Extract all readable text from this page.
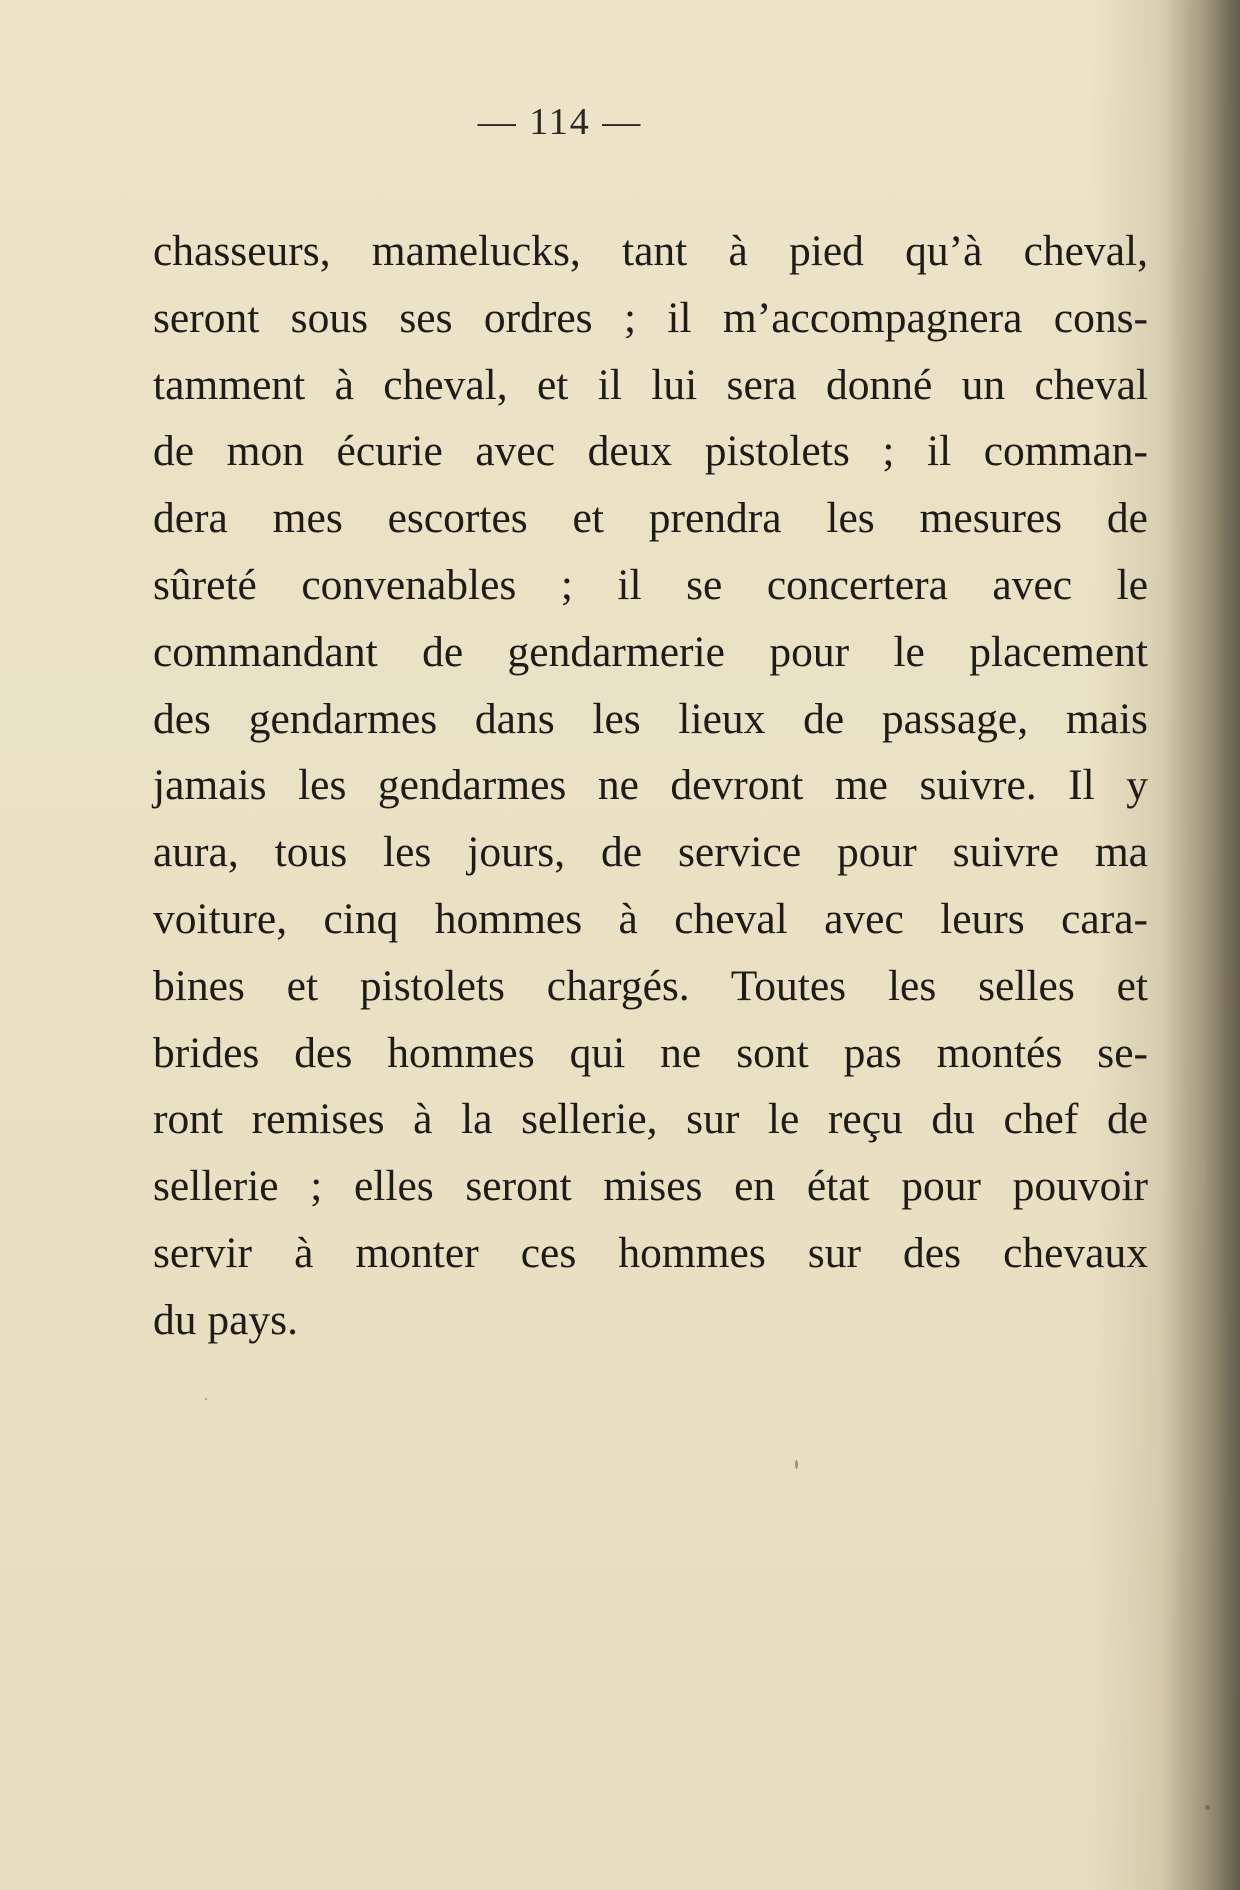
— 114 —
chasseurs, mamelucks, tant à pied qu’à cheval,
seront sous ses ordres ; il m’accompagnera cons-
tamment à cheval, et il lui sera donné un cheval
de mon écurie avec deux pistolets ; il comman-
dera mes escortes et prendra les mesures de
sûreté convenables ; il se concertera avec le
commandant de gendarmerie pour le placement
des gendarmes dans les lieux de passage, mais
jamais les gendarmes ne devront me suivre. Il y
aura, tous les jours, de service pour suivre ma
voiture, cinq hommes à cheval avec leurs cara-
bines et pistolets chargés. Toutes les selles et
brides des hommes qui ne sont pas montés se-
ront remises à la sellerie, sur le reçu du chef de
sellerie ; elles seront mises en état pour pouvoir
servir à monter ces hommes sur des chevaux
du pays.
